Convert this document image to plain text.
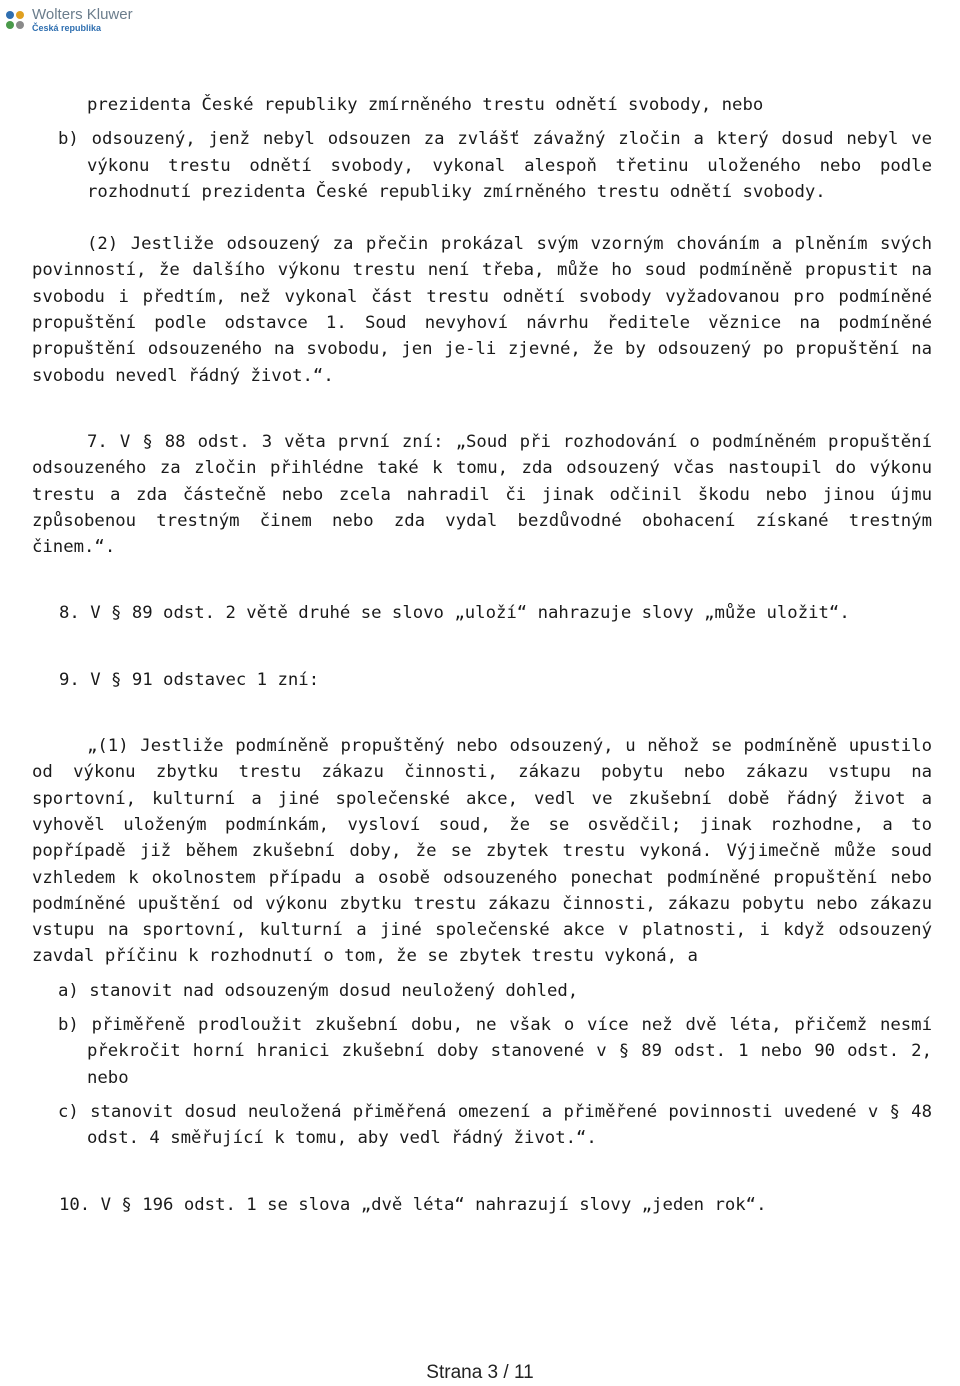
Wolters Kluwer
Česká republika

prezidenta České republiky zmírněného trestu odnětí svobody, nebo

b) odsouzený, jenž nebyl odsouzen za zvlášť závažný zločin a který dosud nebyl ve výkonu trestu odnětí svobody, vykonal alespoň třetinu uloženého nebo podle rozhodnutí prezidenta České republiky zmírněného trestu odnětí svobody.

(2) Jestliže odsouzený za přečin prokázal svým vzorným chováním a plněním svých povinností, že dalšího výkonu trestu není třeba, může ho soud podmíněně propustit na svobodu i předtím, než vykonal část trestu odnětí svobody vyžadovanou pro podmíněné propuštění podle odstavce 1. Soud nevyhoví návrhu ředitele věznice na podmíněné propuštění odsouzeného na svobodu, jen je-li zjevné, že by odsouzený po propuštění na svobodu nevedl řádný život.“.

7. V § 88 odst. 3 věta první zní: „Soud při rozhodování o podmíněném propuštění odsouzeného za zločin přihlédne také k tomu, zda odsouzený včas nastoupil do výkonu trestu a zda částečně nebo zcela nahradil či jinak odčinil škodu nebo jinou újmu způsobenou trestným činem nebo zda vydal bezdůvodné obohacení získané trestným činem.“.

8. V § 89 odst. 2 větě druhé se slovo „uloží“ nahrazuje slovy „může uložit“.

9. V § 91 odstavec 1 zní:

„(1) Jestliže podmíněně propuštěný nebo odsouzený, u něhož se podmíněně upustilo od výkonu zbytku trestu zákazu činnosti, zákazu pobytu nebo zákazu vstupu na sportovní, kulturní a jiné společenské akce, vedl ve zkušební době řádný život a vyhověl uloženým podmínkám, vysloví soud, že se osvědčil; jinak rozhodne, a to popřípadě již během zkušební doby, že se zbytek trestu vykoná. Výjimečně může soud vzhledem k okolnostem případu a osobě odsouzeného ponechat podmíněné propuštění nebo podmíněné upuštění od výkonu zbytku trestu zákazu činnosti, zákazu pobytu nebo zákazu vstupu na sportovní, kulturní a jiné společenské akce v platnosti, i když odsouzený zavdal příčinu k rozhodnutí o tom, že se zbytek trestu vykoná, a

a) stanovit nad odsouzeným dosud neuložený dohled,

b) přiměřeně prodloužit zkušební dobu, ne však o více než dvě léta, přičemž nesmí překročit horní hranici zkušební doby stanovené v § 89 odst. 1 nebo 90 odst. 2, nebo

c) stanovit dosud neuložená přiměřená omezení a přiměřené povinnosti uvedené v § 48 odst. 4 směřující k tomu, aby vedl řádný život.“.

10. V § 196 odst. 1 se slova „dvě léta“ nahrazují slovy „jeden rok“.

Strana 3 / 11
